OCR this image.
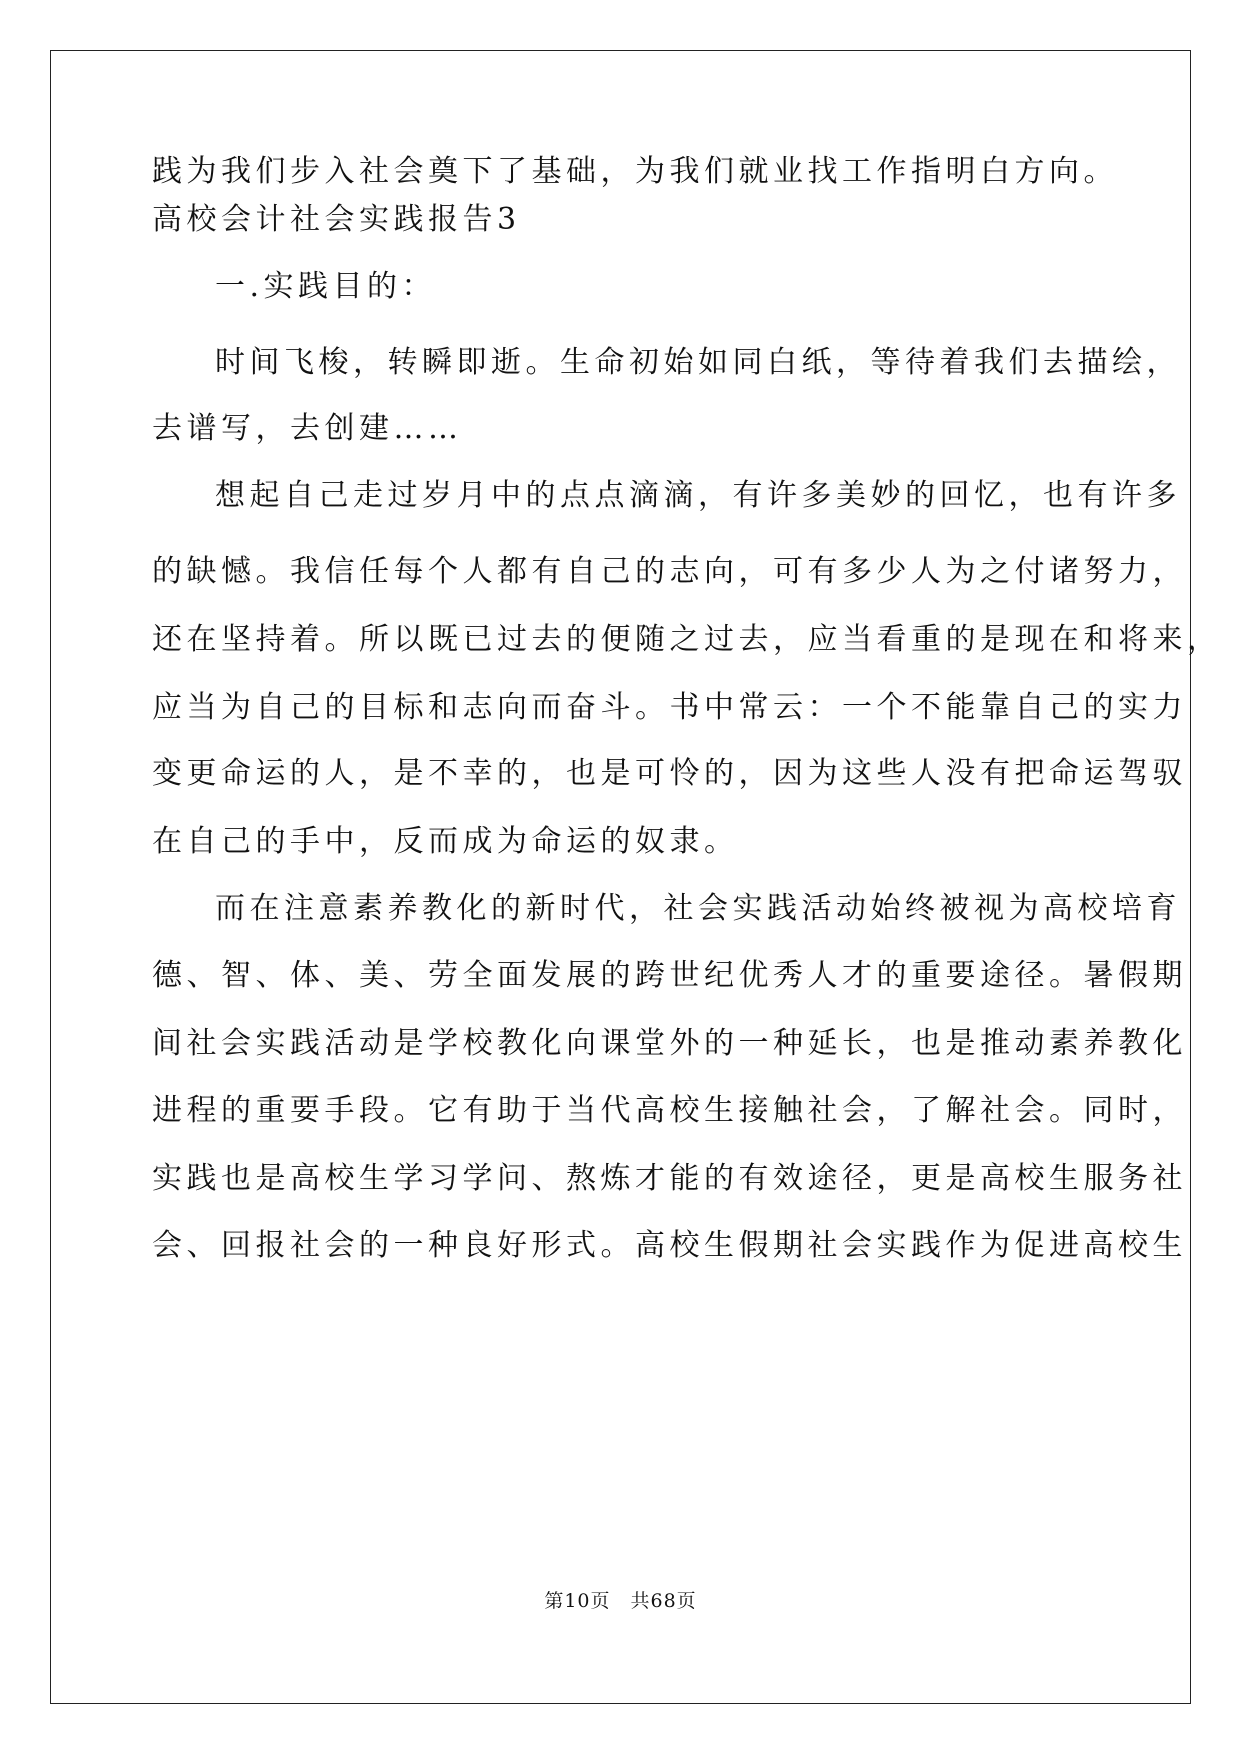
践为我们步入社会奠下了基础，为我们就业找工作指明白方向。
高校会计社会实践报告3
一.实践目的：
时间飞梭，转瞬即逝。生命初始如同白纸，等待着我们去描绘，
去谱写，去创建……
想起自己走过岁月中的点点滴滴，有许多美妙的回忆，也有许多
的缺憾。我信任每个人都有自己的志向，可有多少人为之付诸努力，
还在坚持着。所以既已过去的便随之过去，应当看重的是现在和将来，
应当为自己的目标和志向而奋斗。书中常云：一个不能靠自己的实力
变更命运的人，是不幸的，也是可怜的，因为这些人没有把命运驾驭
在自己的手中，反而成为命运的奴隶。
而在注意素养教化的新时代，社会实践活动始终被视为高校培育
德、智、体、美、劳全面发展的跨世纪优秀人才的重要途径。暑假期
间社会实践活动是学校教化向课堂外的一种延长，也是推动素养教化
进程的重要手段。它有助于当代高校生接触社会，了解社会。同时，
实践也是高校生学习学问、熬炼才能的有效途径，更是高校生服务社
会、回报社会的一种良好形式。高校生假期社会实践作为促进高校生
第10页　共68页
